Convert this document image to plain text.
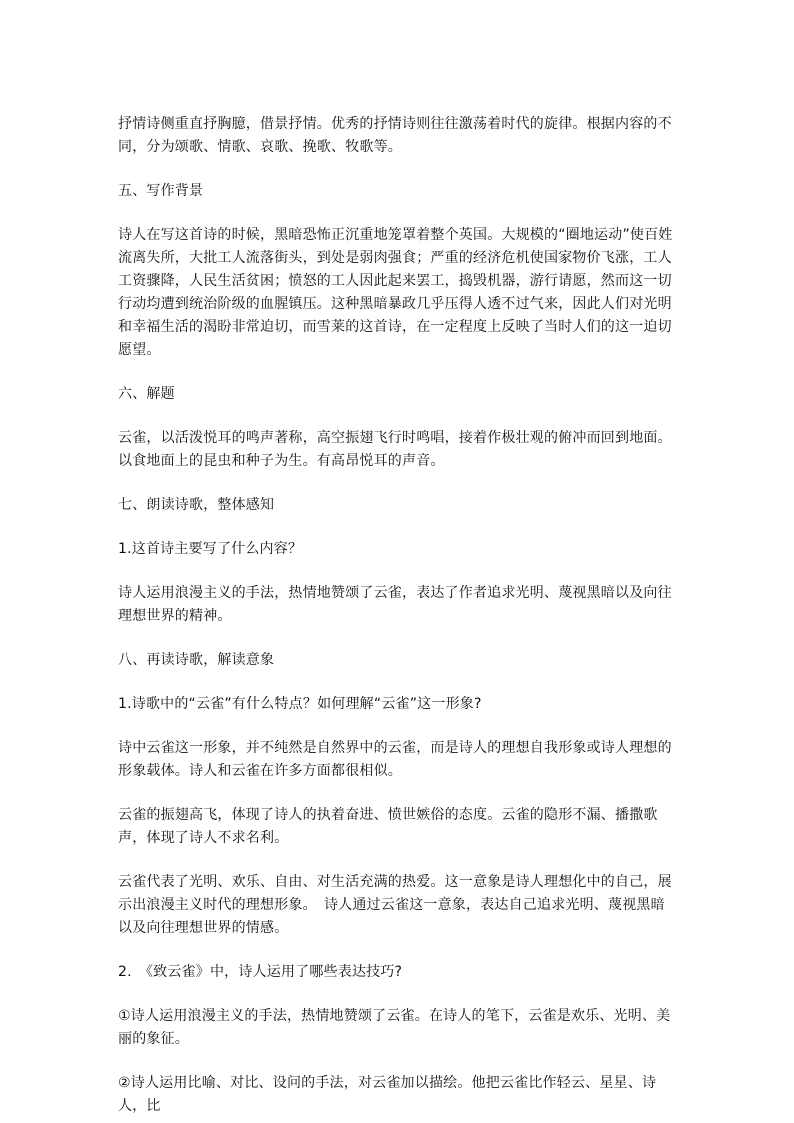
抒情诗侧重直抒胸臆，借景抒情。优秀的抒情诗则往往激荡着时代的旋律。根据内容的不同，分为颂歌、情歌、哀歌、挽歌、牧歌等。

五、写作背景

诗人在写这首诗的时候，黑暗恐怖正沉重地笼罩着整个英国。大规模的“圈地运动”使百姓流离失所，大批工人流落街头，到处是弱肉强食；严重的经济危机使国家物价飞涨，工人工资骤降，人民生活贫困；愤怒的工人因此起来罢工，捣毁机器，游行请愿，然而这一切行动均遭到统治阶级的血腥镇压。这种黑暗暴政几乎压得人透不过气来，因此人们对光明和幸福生活的渴盼非常迫切，而雪莱的这首诗，在一定程度上反映了当时人们的这一迫切愿望。

六、解题

云雀，以活泼悦耳的鸣声著称，高空振翅飞行时鸣唱，接着作极壮观的俯冲而回到地面。以食地面上的昆虫和种子为生。有高昂悦耳的声音。

七、朗读诗歌，整体感知

1.这首诗主要写了什么内容？

诗人运用浪漫主义的手法，热情地赞颂了云雀，表达了作者追求光明、蔑视黑暗以及向往理想世界的精神。

八、再读诗歌，解读意象

1.诗歌中的“云雀”有什么特点？如何理解“云雀”这一形象?

诗中云雀这一形象，并不纯然是自然界中的云雀，而是诗人的理想自我形象或诗人理想的形象载体。诗人和云雀在许多方面都很相似。

云雀的振翅高飞，体现了诗人的执着奋进、愤世嫉俗的态度。云雀的隐形不漏、播撒歌声，体现了诗人不求名利。

云雀代表了光明、欢乐、自由、对生活充满的热爱。这一意象是诗人理想化中的自己，展示出浪漫主义时代的理想形象。　诗人通过云雀这一意象，表达自己追求光明、蔑视黑暗以及向往理想世界的情感。

2.　《致云雀》中，诗人运用了哪些表达技巧?

①诗人运用浪漫主义的手法，热情地赞颂了云雀。在诗人的笔下，云雀是欢乐、光明、美丽的象征。

②诗人运用比喻、对比、设问的手法，对云雀加以描绘。他把云雀比作轻云、星星、诗人，比
